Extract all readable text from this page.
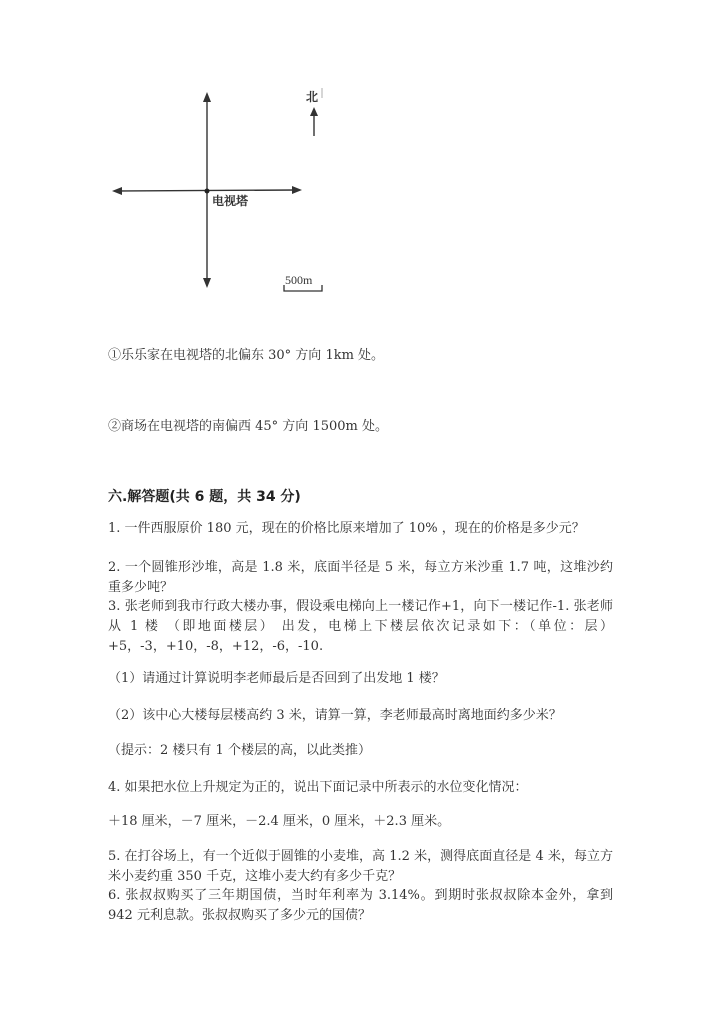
电视塔
北
500m
①乐乐家在电视塔的北偏东 30° 方向 1km 处。
②商场在电视塔的南偏西 45° 方向 1500m 处。
六.解答题(共 6 题，共 34 分)
1. 一件西服原价 180 元，现在的价格比原来增加了 10% ，现在的价格是多少元？
2. 一个圆锥形沙堆，高是 1.8 米，底面半径是 5 米，每立方米沙重 1.7 吨，这堆沙约重多少吨？
3. 张老师到我市行政大楼办事，假设乘电梯向上一楼记作+1，向下一楼记作-1. 张老师从 1 楼 （即地面楼层） 出发，电梯上下楼层依次记录如下：（单位：层）+5，-3，+10，-8，+12，-6，-10.
（1）请通过计算说明李老师最后是否回到了出发地 1 楼？
（2）该中心大楼每层楼高约 3 米，请算一算，李老师最高时离地面约多少米？
（提示：2 楼只有 1 个楼层的高，以此类推）
4. 如果把水位上升规定为正的，说出下面记录中所表示的水位变化情况：
＋18 厘米，－7 厘米，－2.4 厘米，0 厘米，＋2.3 厘米。
5. 在打谷场上，有一个近似于圆锥的小麦堆，高 1.2 米，测得底面直径是 4 米，每立方米小麦约重 350 千克，这堆小麦大约有多少千克？
6. 张叔叔购买了三年期国债，当时年利率为 3.14%。到期时张叔叔除本金外，拿到 942 元利息款。张叔叔购买了多少元的国债？
